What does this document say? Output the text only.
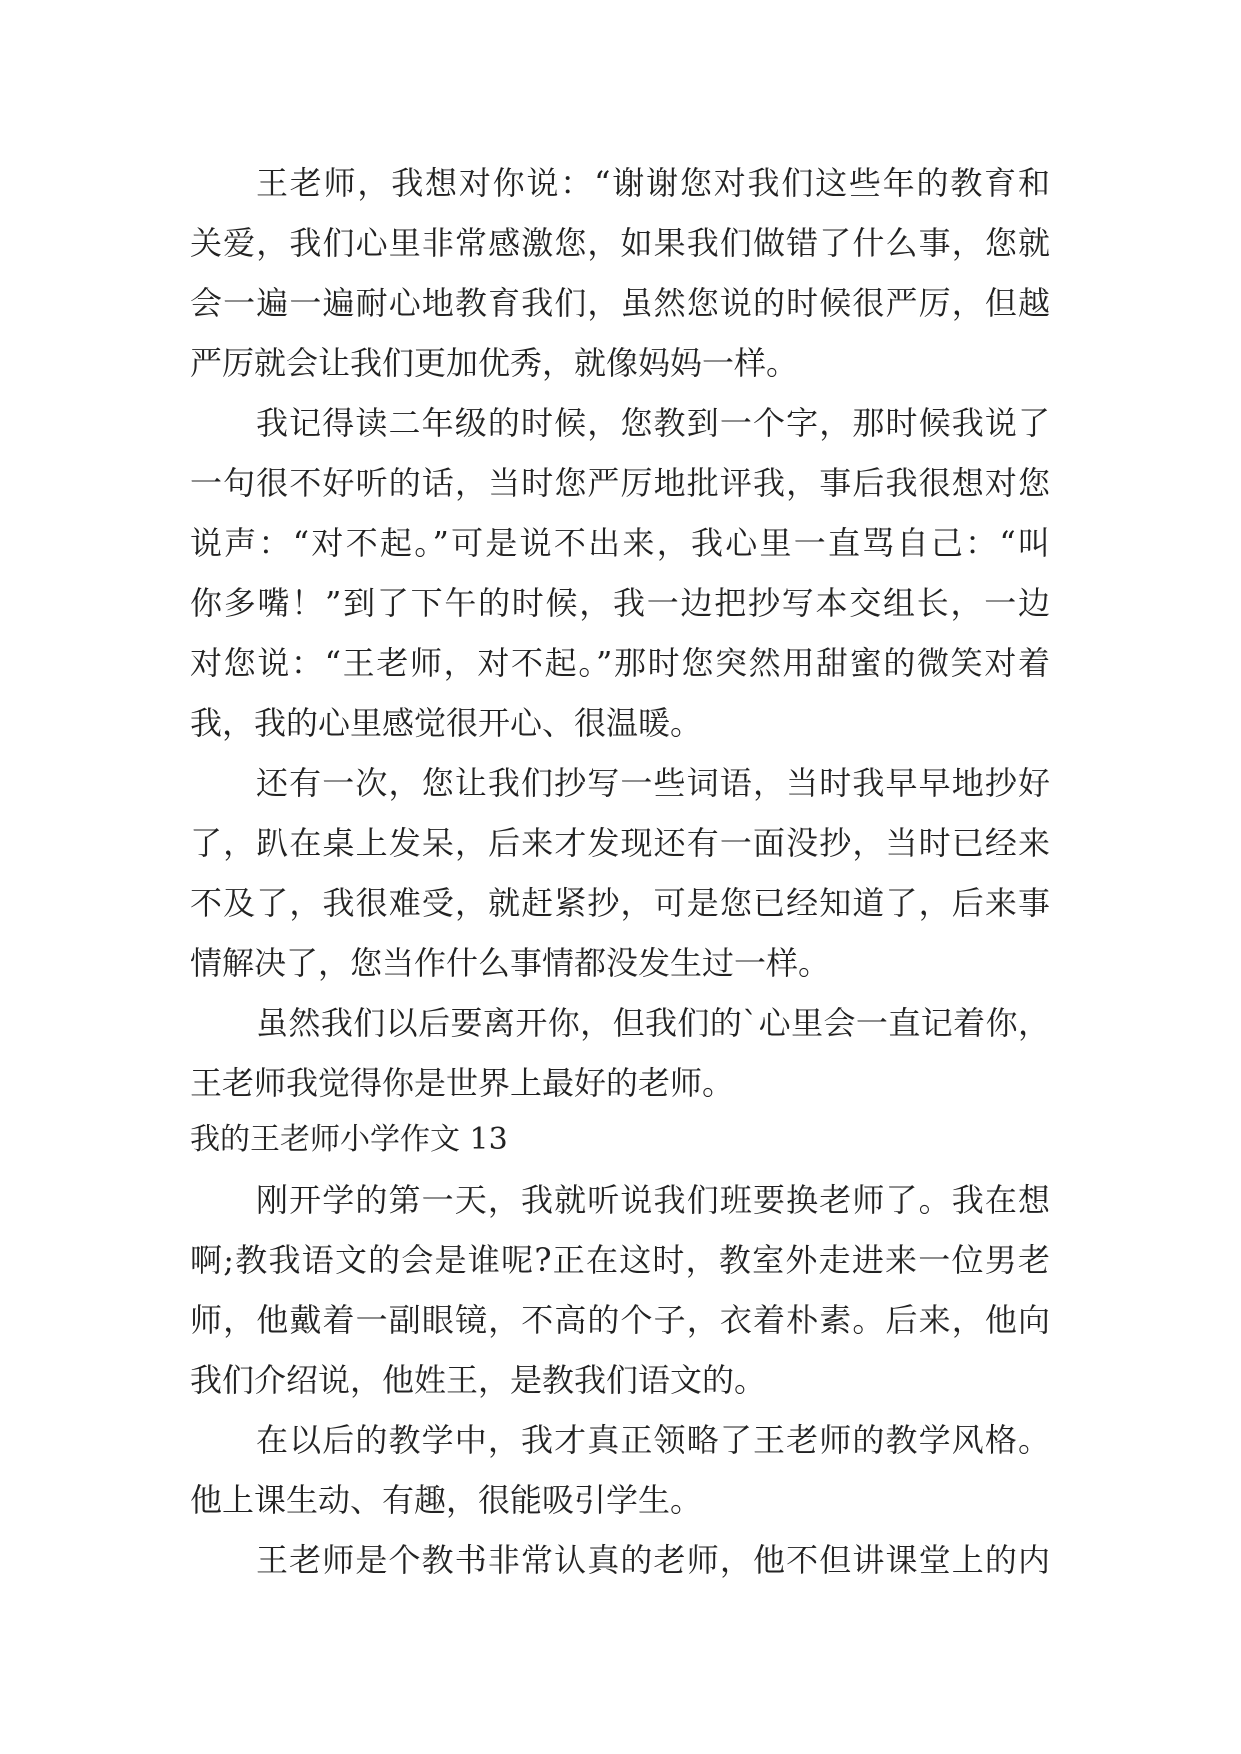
王老师，我想对你说：“谢谢您对我们这些年的教育和
关爱，我们心里非常感激您，如果我们做错了什么事，您就
会一遍一遍耐心地教育我们，虽然您说的时候很严厉，但越
严厉就会让我们更加优秀，就像妈妈一样。
我记得读二年级的时候，您教到一个字，那时候我说了
一句很不好听的话，当时您严厉地批评我，事后我很想对您
说声：“对不起。”可是说不出来，我心里一直骂自己：“叫
你多嘴！”到了下午的时候，我一边把抄写本交组长，一边
对您说：“王老师，对不起。”那时您突然用甜蜜的微笑对着
我，我的心里感觉很开心、很温暖。
还有一次，您让我们抄写一些词语，当时我早早地抄好
了，趴在桌上发呆，后来才发现还有一面没抄，当时已经来
不及了，我很难受，就赶紧抄，可是您已经知道了，后来事
情解决了，您当作什么事情都没发生过一样。
虽然我们以后要离开你，但我们的`心里会一直记着你，
王老师我觉得你是世界上最好的老师。
我的王老师小学作文 13
刚开学的第一天，我就听说我们班要换老师了。我在想
啊;教我语文的会是谁呢?正在这时，教室外走进来一位男老
师，他戴着一副眼镜，不高的个子，衣着朴素。后来，他向
我们介绍说，他姓王，是教我们语文的。
在以后的教学中，我才真正领略了王老师的教学风格。
他上课生动、有趣，很能吸引学生。
王老师是个教书非常认真的老师，他不但讲课堂上的内
